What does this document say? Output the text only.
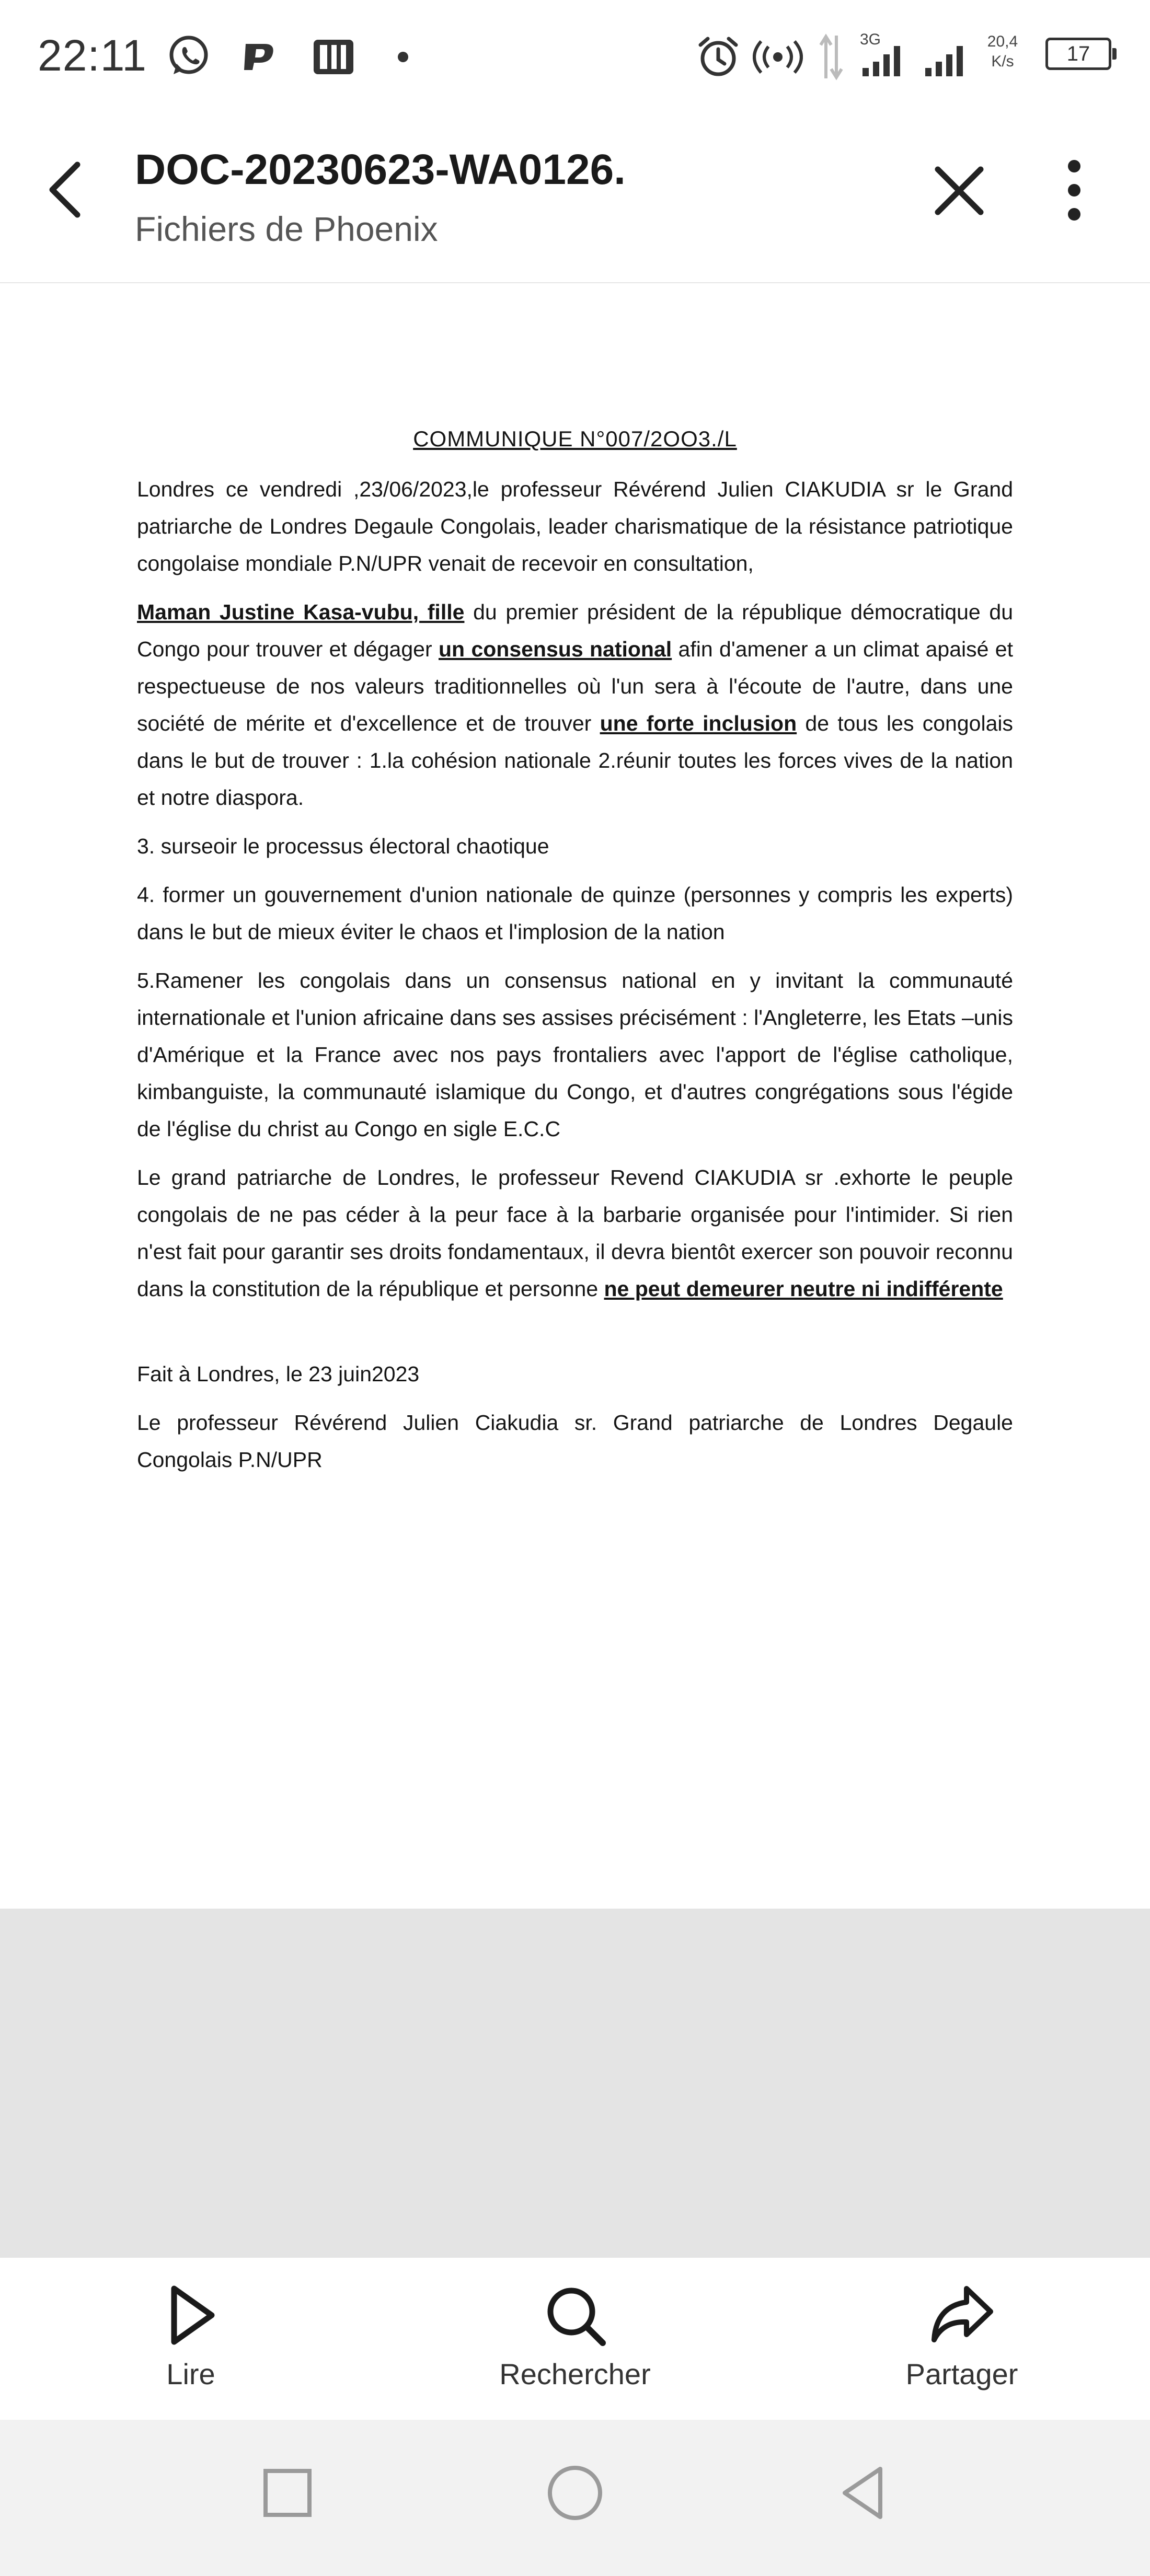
22:11	3G	20,4
K/s	17
DOC-20230623-WA0126.
Fichiers de Phoenix
COMMUNIQUE N°007/2OO3./L

Londres ce vendredi ,23/06/2023,le professeur Révérend Julien CIAKUDIA sr le Grand patriarche de Londres Degaule Congolais, leader charismatique de la résistance patriotique congolaise mondiale P.N/UPR venait de recevoir en consultation,

Maman Justine Kasa-vubu, fille du premier président de la république démocratique du Congo pour trouver et dégager un consensus national afin d'amener a un climat apaisé et respectueuse de nos valeurs traditionnelles où l'un sera à l'écoute de l'autre, dans une société de mérite et d'excellence et de trouver une forte inclusion de tous les congolais dans le but de trouver : 1.la cohésion nationale 2.réunir toutes les forces vives de la nation et notre diaspora.

3. surseoir le processus électoral chaotique

4. former un gouvernement d'union nationale de quinze (personnes y compris les experts) dans le but de mieux éviter le chaos et l'implosion de la nation

5.Ramener les congolais dans un consensus national en y invitant la communauté internationale et l'union africaine dans ses assises précisément : l'Angleterre, les Etats –unis d'Amérique et la France avec nos pays frontaliers avec l'apport de l'église catholique, kimbanguiste, la communauté islamique du Congo, et d'autres congrégations sous l'égide de l'église du christ au Congo en sigle E.C.C

Le grand patriarche de Londres, le professeur Revend CIAKUDIA sr .exhorte le peuple congolais de ne pas céder à la peur face à la barbarie organisée pour l'intimider. Si rien n'est fait pour garantir ses droits fondamentaux, il devra bientôt exercer son pouvoir reconnu dans la constitution de la république et personne ne peut demeurer neutre ni indifférente

Fait à Londres, le 23 juin2023

Le professeur Révérend Julien Ciakudia sr. Grand patriarche de Londres Degaule Congolais P.N/UPR

Lire	Rechercher	Partager
